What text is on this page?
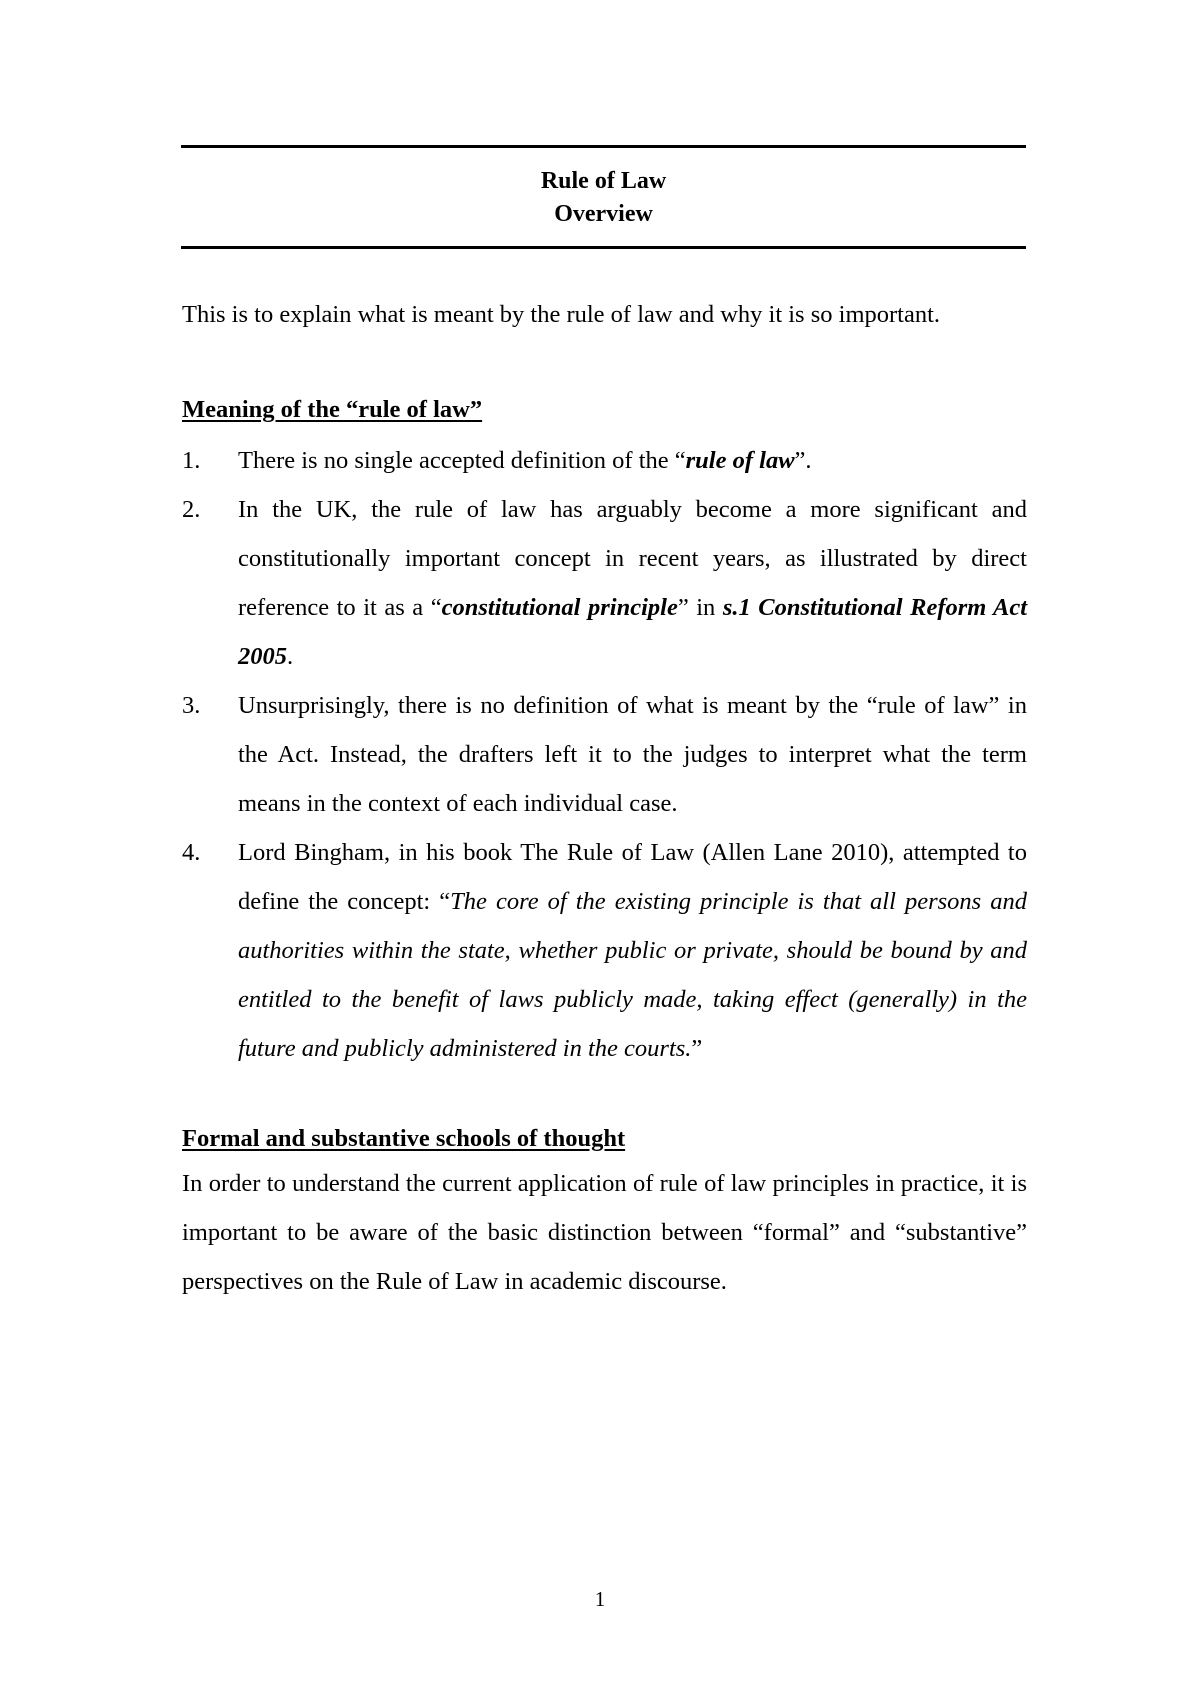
Rule of Law
Overview

This is to explain what is meant by the rule of law and why it is so important.

Meaning of the “rule of law”

1. There is no single accepted definition of the “rule of law”.
2. In the UK, the rule of law has arguably become a more significant and constitutionally important concept in recent years, as illustrated by direct reference to it as a “constitutional principle” in s.1 Constitutional Reform Act 2005.
3. Unsurprisingly, there is no definition of what is meant by the “rule of law” in the Act. Instead, the drafters left it to the judges to interpret what the term means in the context of each individual case.
4. Lord Bingham, in his book The Rule of Law (Allen Lane 2010), attempted to define the concept: “The core of the existing principle is that all persons and authorities within the state, whether public or private, should be bound by and entitled to the benefit of laws publicly made, taking effect (generally) in the future and publicly administered in the courts.”

Formal and substantive schools of thought

In order to understand the current application of rule of law principles in practice, it is important to be aware of the basic distinction between “formal” and “substantive” perspectives on the Rule of Law in academic discourse.

1
